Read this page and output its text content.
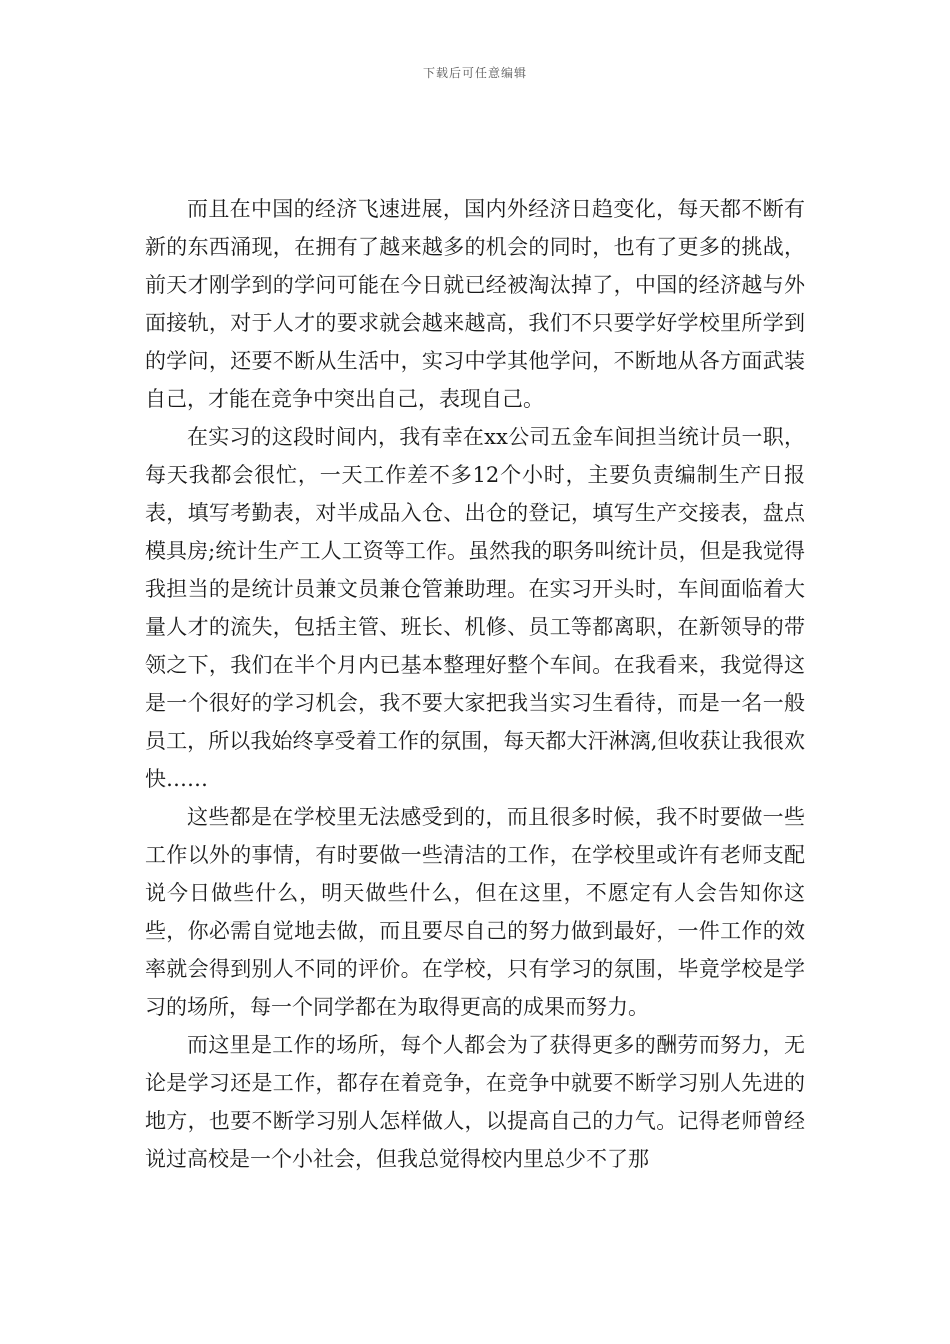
下载后可任意编辑

而且在中国的经济飞速进展，国内外经济日趋变化，每天都不断有新的东西涌现，在拥有了越来越多的机会的同时，也有了更多的挑战，前天才刚学到的学问可能在今日就已经被淘汰掉了，中国的经济越与外面接轨，对于人才的要求就会越来越高，我们不只要学好学校里所学到的学问，还要不断从生活中，实习中学其他学问，不断地从各方面武装自己，才能在竞争中突出自己，表现自己。

在实习的这段时间内，我有幸在xx公司五金车间担当统计员一职，每天我都会很忙，一天工作差不多12个小时，主要负责编制生产日报表，填写考勤表，对半成品入仓、出仓的登记，填写生产交接表，盘点模具房;统计生产工人工资等工作。虽然我的职务叫统计员，但是我觉得我担当的是统计员兼文员兼仓管兼助理。在实习开头时，车间面临着大量人才的流失，包括主管、班长、机修、员工等都离职，在新领导的带领之下，我们在半个月内已基本整理好整个车间。在我看来，我觉得这是一个很好的学习机会，我不要大家把我当实习生看待，而是一名一般员工，所以我始终享受着工作的氛围，每天都大汗淋漓,但收获让我很欢快……

这些都是在学校里无法感受到的，而且很多时候，我不时要做一些工作以外的事情，有时要做一些清洁的工作，在学校里或许有老师支配说今日做些什么，明天做些什么，但在这里，不愿定有人会告知你这些，你必需自觉地去做，而且要尽自己的努力做到最好，一件工作的效率就会得到别人不同的评价。在学校，只有学习的氛围，毕竟学校是学习的场所，每一个同学都在为取得更高的成果而努力。

而这里是工作的场所，每个人都会为了获得更多的酬劳而努力，无论是学习还是工作，都存在着竞争，在竞争中就要不断学习别人先进的地方，也要不断学习别人怎样做人，以提高自己的力气。记得老师曾经说过高校是一个小社会，但我总觉得校内里总少不了那
